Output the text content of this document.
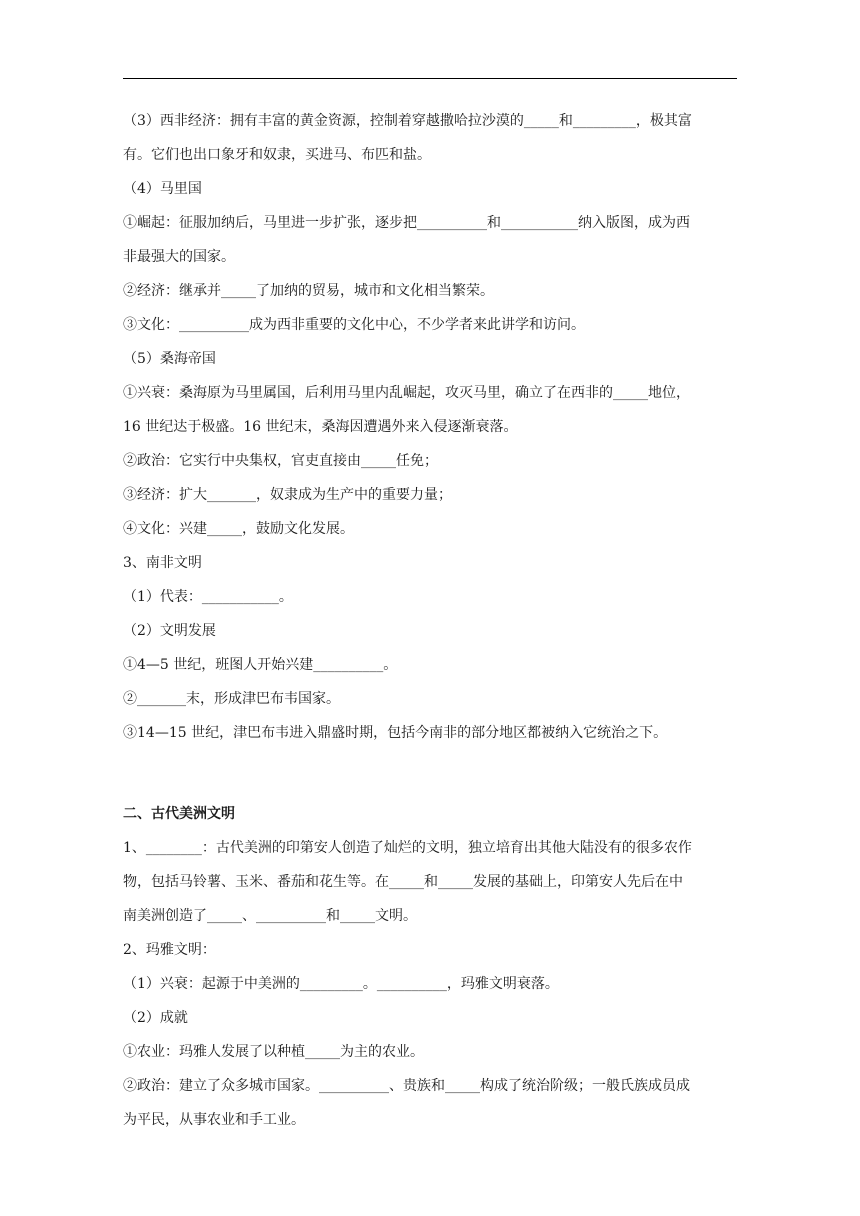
（3）西非经济：拥有丰富的黄金资源，控制着穿越撒哈拉沙漠的_____和_________，极其富
有。它们也出口象牙和奴隶，买进马、布匹和盐。
（4）马里国
①崛起：征服加纳后，马里进一步扩张，逐步把__________和___________纳入版图，成为西
非最强大的国家。
②经济：继承并_____了加纳的贸易，城市和文化相当繁荣。
③文化：__________成为西非重要的文化中心，不少学者来此讲学和访问。
（5）桑海帝国
①兴衰：桑海原为马里属国，后利用马里内乱崛起，攻灭马里，确立了在西非的_____地位，
16 世纪达于极盛。16 世纪末，桑海因遭遇外来入侵逐渐衰落。
②政治：它实行中央集权，官吏直接由_____任免；
③经济：扩大_______，奴隶成为生产中的重要力量；
④文化：兴建_____，鼓励文化发展。
3、南非文明
（1）代表：___________。
（2）文明发展
①4—5 世纪，班图人开始兴建__________。
②_______末，形成津巴布韦国家。
③14—15 世纪，津巴布韦进入鼎盛时期，包括今南非的部分地区都被纳入它统治之下。
二、古代美洲文明
1、________：古代美洲的印第安人创造了灿烂的文明，独立培育出其他大陆没有的很多农作
物，包括马铃薯、玉米、番茄和花生等。在_____和_____发展的基础上，印第安人先后在中
南美洲创造了_____、__________和_____文明。
2、玛雅文明：
（1）兴衰：起源于中美洲的_________。__________，玛雅文明衰落。
（2）成就
①农业：玛雅人发展了以种植_____为主的农业。
②政治：建立了众多城市国家。__________、贵族和_____构成了统治阶级；一般氏族成员成
为平民，从事农业和手工业。
